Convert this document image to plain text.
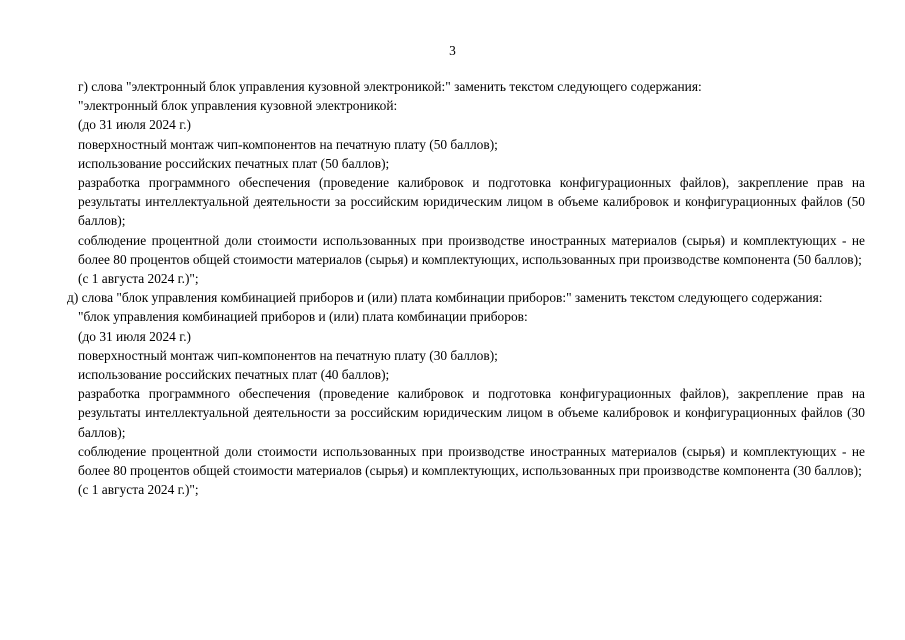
3

г) слова "электронный блок управления кузовной электроникой:" заменить текстом следующего содержания:

"электронный блок управления кузовной электроникой:

(до 31 июля 2024 г.)

поверхностный монтаж чип-компонентов на печатную плату (50 баллов);

использование российских печатных плат (50 баллов);

разработка программного обеспечения (проведение калибровок и подготовка конфигурационных файлов), закрепление прав на результаты интеллектуальной деятельности за российским юридическим лицом в объеме калибровок и конфигурационных файлов (50 баллов);

соблюдение процентной доли стоимости использованных при производстве иностранных материалов (сырья) и комплектующих - не более 80 процентов общей стоимости материалов (сырья) и комплектующих, использованных при производстве компонента (50 баллов);

(с 1 августа 2024 г.)";

д) слова "блок управления комбинацией приборов и (или) плата комбинации приборов:" заменить текстом следующего содержания:

"блок управления комбинацией приборов и (или) плата комбинации приборов:

(до 31 июля 2024 г.)

поверхностный монтаж чип-компонентов на печатную плату (30 баллов);

использование российских печатных плат (40 баллов);

разработка программного обеспечения (проведение калибровок и подготовка конфигурационных файлов), закрепление прав на результаты интеллектуальной деятельности за российским юридическим лицом в объеме калибровок и конфигурационных файлов (30 баллов);

соблюдение процентной доли стоимости использованных при производстве иностранных материалов (сырья) и комплектующих - не более 80 процентов общей стоимости материалов (сырья) и комплектующих, использованных при производстве компонента (30 баллов);

(с 1 августа 2024 г.)";
